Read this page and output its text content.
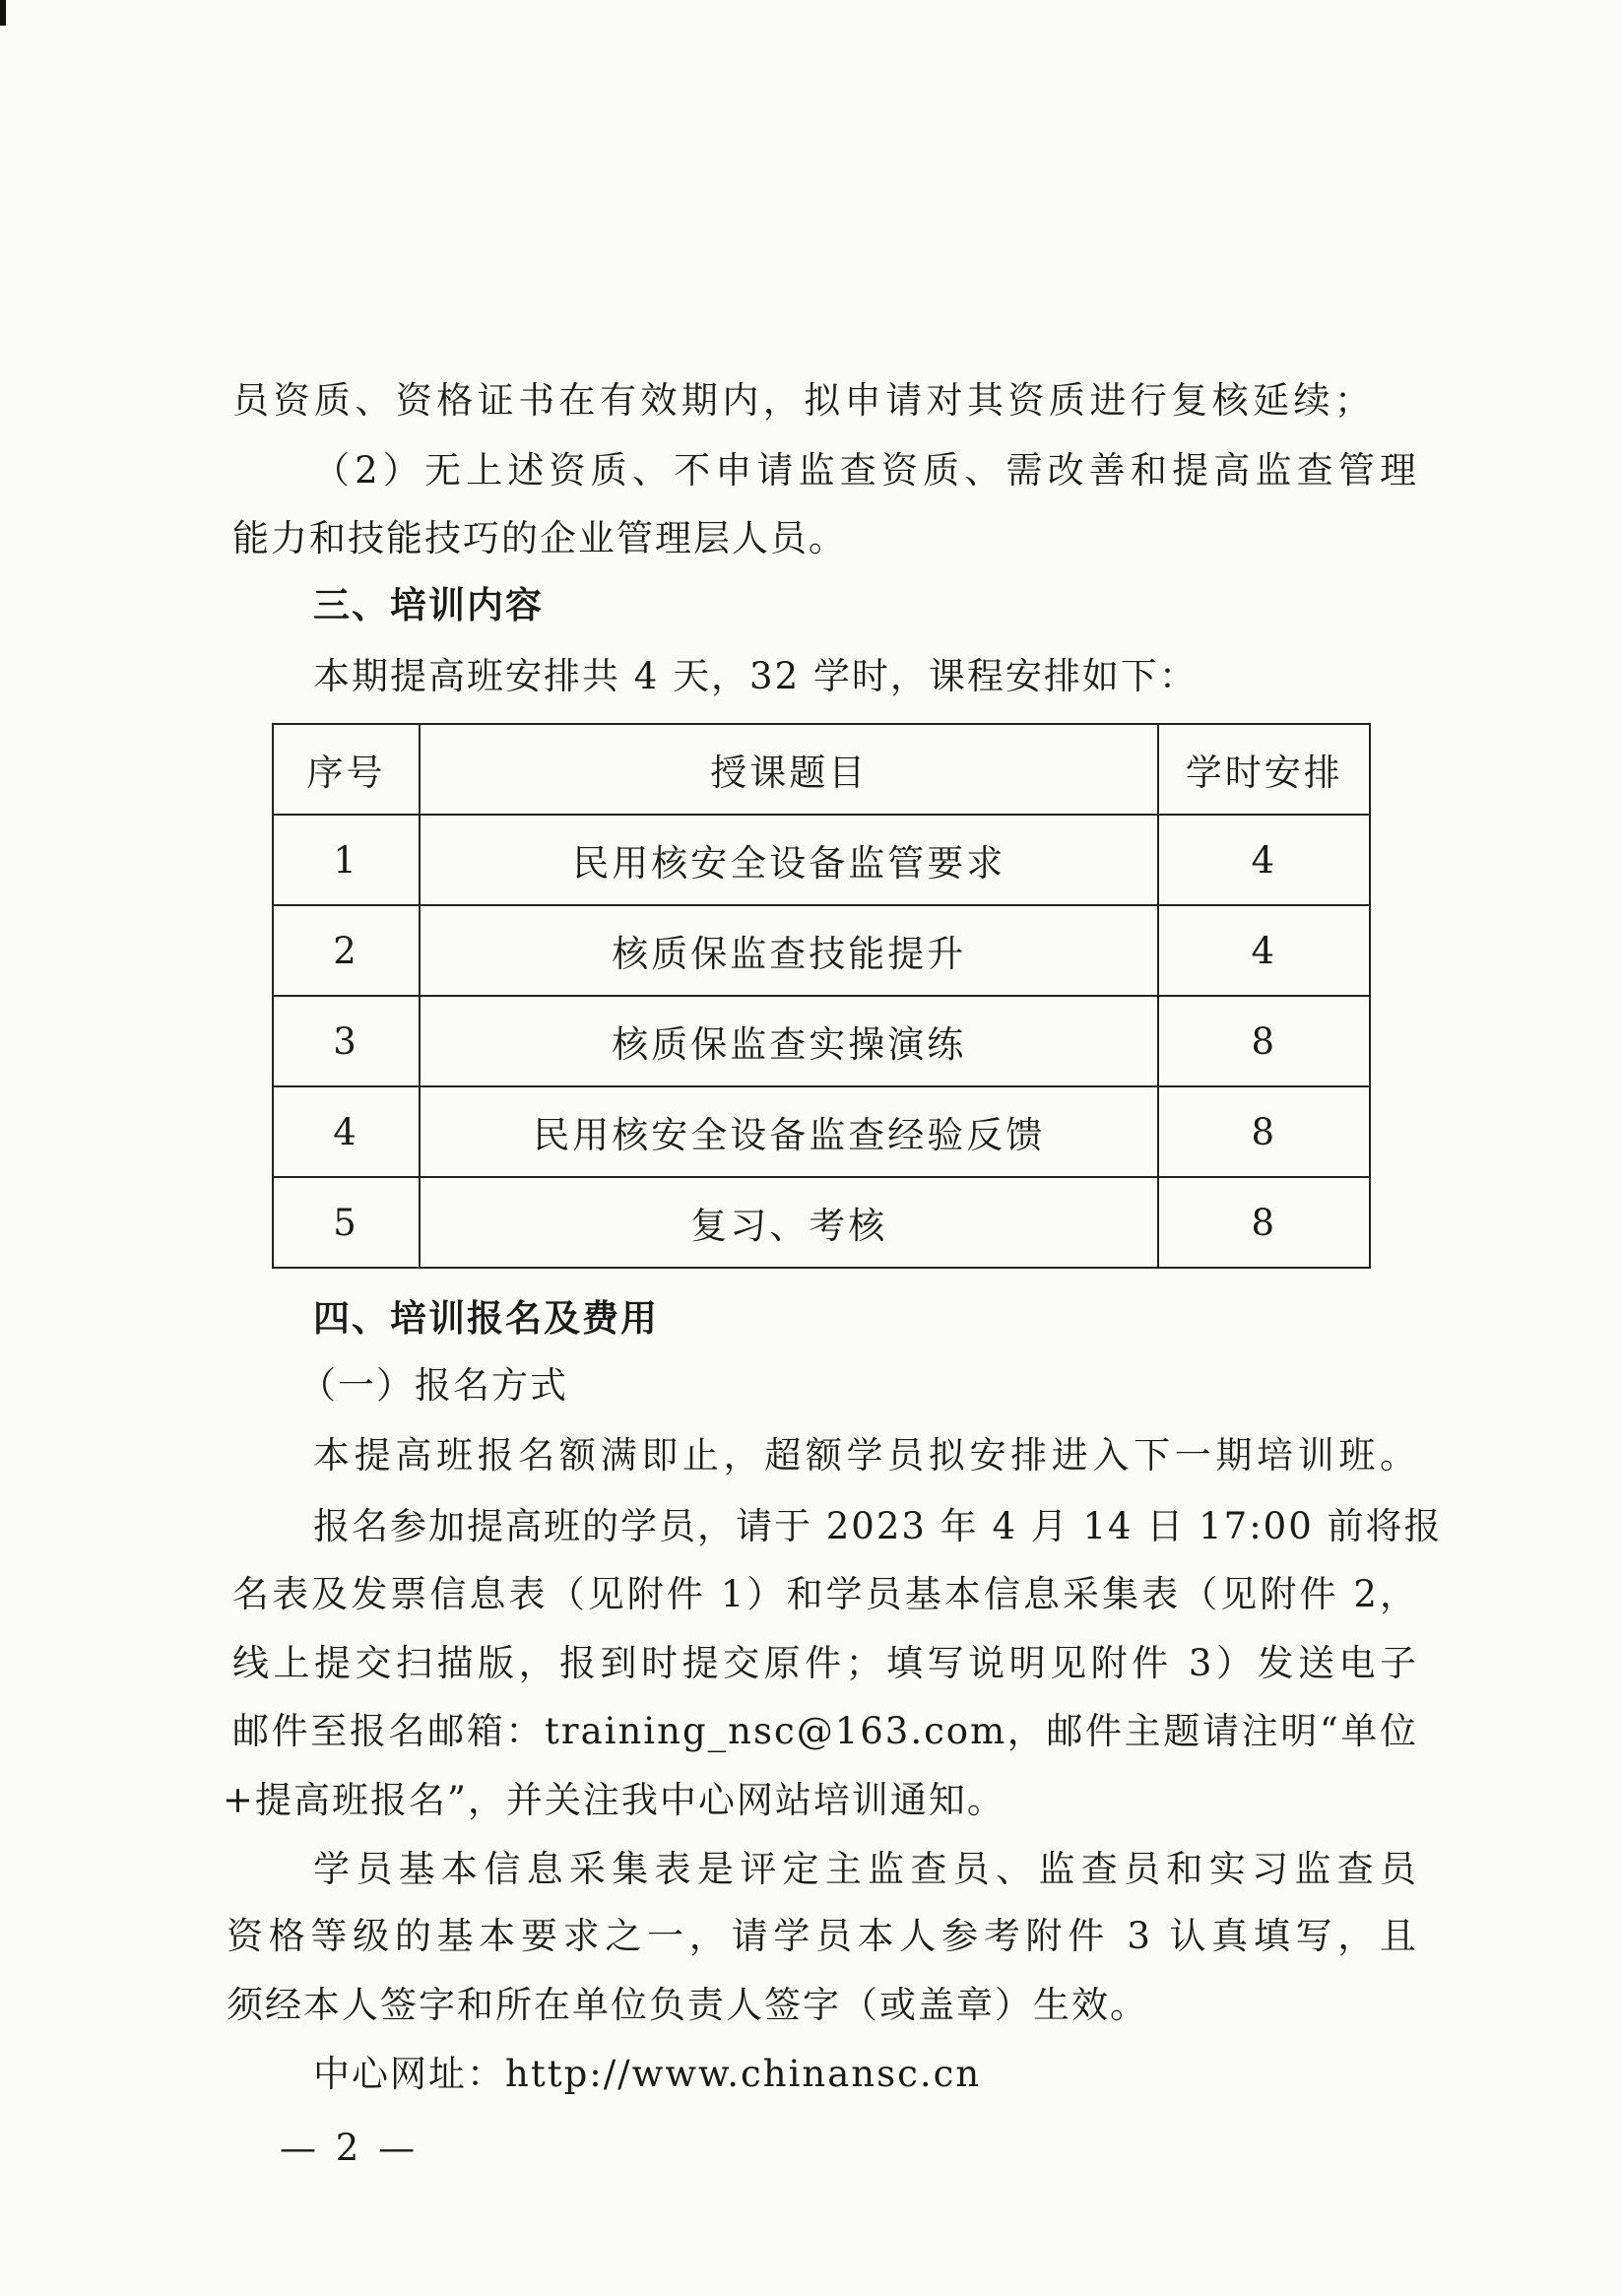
员资质、资格证书在有效期内，拟申请对其资质进行复核延续；
（2）无上述资质、不申请监查资质、需改善和提高监查管理
能力和技能技巧的企业管理层人员。
三、培训内容
本期提高班安排共 4 天，32 学时，课程安排如下：
序号	授课题目	学时安排
1	民用核安全设备监管要求	4
2	核质保监查技能提升	4
3	核质保监查实操演练	8
4	民用核安全设备监查经验反馈	8
5	复习、考核	8
四、培训报名及费用
（一）报名方式
本提高班报名额满即止，超额学员拟安排进入下一期培训班。
报名参加提高班的学员，请于 2023 年 4 月 14 日 17:00 前将报
名表及发票信息表（见附件 1）和学员基本信息采集表（见附件 2，
线上提交扫描版，报到时提交原件；填写说明见附件 3）发送电子
邮件至报名邮箱：training_nsc@163.com，邮件主题请注明“单位
+提高班报名”，并关注我中心网站培训通知。
学员基本信息采集表是评定主监查员、监查员和实习监查员
资格等级的基本要求之一，请学员本人参考附件 3 认真填写，且
须经本人签字和所在单位负责人签字（或盖章）生效。
中心网址：http://www.chinansc.cn
— 2 —
